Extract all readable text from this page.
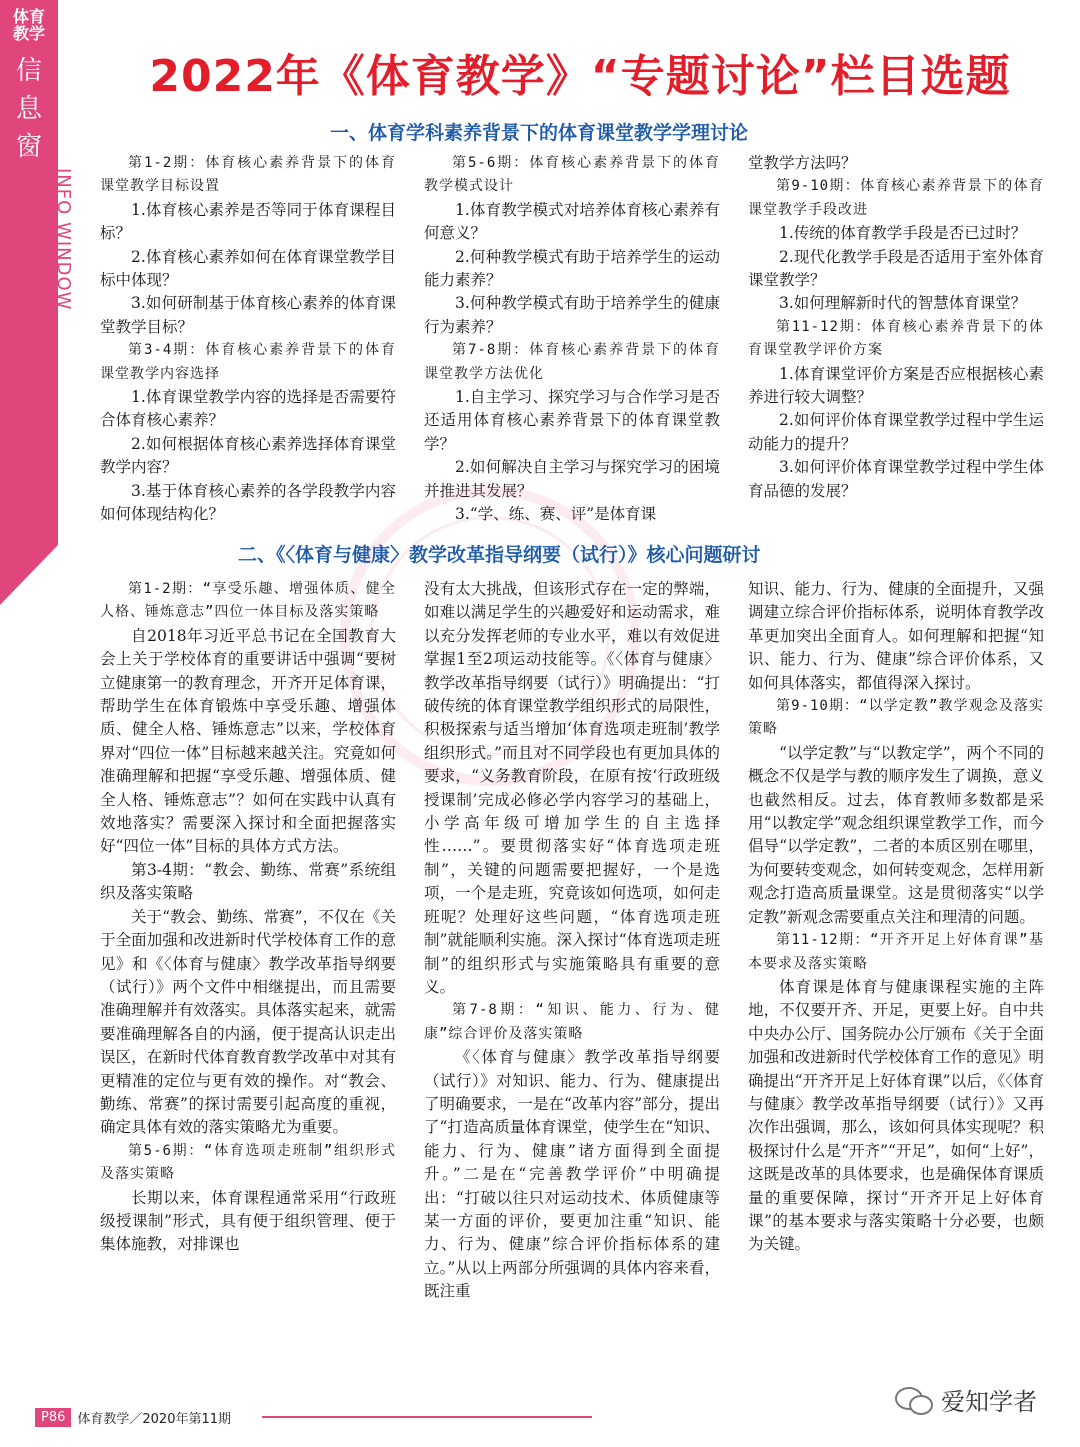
体育
教学
信
息
窗
INFO WINDOW
2022年《体育教学》“专题讨论”栏目选题
一、体育学科素养背景下的体育课堂教学学理讨论

第1-2期：体育核心素养背景下的体育课堂教学目标设置

1.体育核心素养是否等同于体育课程目标？

2.体育核心素养如何在体育课堂教学目标中体现？

3.如何研制基于体育核心素养的体育课堂教学目标？

第3-4期：体育核心素养背景下的体育课堂教学内容选择

1.体育课堂教学内容的选择是否需要符合体育核心素养？

2.如何根据体育核心素养选择体育课堂教学内容？

3.基于体育核心素养的各学段教学内容如何体现结构化？

第5-6期：体育核心素养背景下的体育教学模式设计

1.体育教学模式对培养体育核心素养有何意义？

2.何种教学模式有助于培养学生的运动能力素养？

3.何种教学模式有助于培养学生的健康行为素养？

第7-8期：体育核心素养背景下的体育课堂教学方法优化

1.自主学习、探究学习与合作学习是否还适用体育核心素养背景下的体育课堂教学？

2.如何解决自主学习与探究学习的困境并推进其发展？

3.“学、练、赛、评”是体育课

堂教学方法吗？

第9-10期：体育核心素养背景下的体育课堂教学手段改进

1.传统的体育教学手段是否已过时？

2.现代化教学手段是否适用于室外体育课堂教学？

3.如何理解新时代的智慧体育课堂？

第11-12期：体育核心素养背景下的体育课堂教学评价方案

1.体育课堂评价方案是否应根据核心素养进行较大调整？

2.如何评价体育课堂教学过程中学生运动能力的提升？

3.如何评价体育课堂教学过程中学生体育品德的发展？

二、《〈体育与健康〉教学改革指导纲要（试行）》核心问题研讨

第1-2期：“享受乐趣、增强体质、健全人格、锤炼意志”四位一体目标及落实策略

自2018年习近平总书记在全国教育大会上关于学校体育的重要讲话中强调“要树立健康第一的教育理念，开齐开足体育课，帮助学生在体育锻炼中享受乐趣、增强体质、健全人格、锤炼意志”以来，学校体育界对“四位一体”目标越来越关注。究竟如何准确理解和把握“享受乐趣、增强体质、健全人格、锤炼意志”？如何在实践中认真有效地落实？需要深入探讨和全面把握落实好“四位一体”目标的具体方式方法。

第3-4期：“教会、勤练、常赛”系统组织及落实策略

关于“教会、勤练、常赛”，不仅在《关于全面加强和改进新时代学校体育工作的意见》和《〈体育与健康〉教学改革指导纲要（试行）》两个文件中相继提出，而且需要准确理解并有效落实。具体落实起来，就需要准确理解各自的内涵，便于提高认识走出误区，在新时代体育教育教学改革中对其有更精准的定位与更有效的操作。对“教会、勤练、常赛”的探讨需要引起高度的重视，确定具体有效的落实策略尤为重要。

第5-6期：“体育选项走班制”组织形式及落实策略

长期以来，体育课程通常采用“行政班级授课制”形式，具有便于组织管理、便于集体施教，对排课也

没有太大挑战，但该形式存在一定的弊端，如难以满足学生的兴趣爱好和运动需求，难以充分发挥老师的专业水平，难以有效促进掌握1至2项运动技能等。《〈体育与健康〉教学改革指导纲要（试行）》明确提出：“打破传统的体育课堂教学组织形式的局限性，积极探索与适当增加‘体育选项走班制’教学组织形式。”而且对不同学段也有更加具体的要求，“义务教育阶段，在原有按‘行政班级授课制’完成必修必学内容学习的基础上，小学高年级可增加学生的自主选择性……”。要贯彻落实好“体育选项走班制”，关键的问题需要把握好，一个是选项，一个是走班，究竟该如何选项，如何走班呢？处理好这些问题，“体育选项走班制”就能顺利实施。深入探讨“体育选项走班制”的组织形式与实施策略具有重要的意义。

第7-8期：“知识、能力、行为、健康”综合评价及落实策略

《〈体育与健康〉教学改革指导纲要（试行）》对知识、能力、行为、健康提出了明确要求，一是在“改革内容”部分，提出了“打造高质量体育课堂，使学生在“知识、能力、行为、健康”诸方面得到全面提升。”二是在“完善教学评价”中明确提出：“打破以往只对运动技术、体质健康等某一方面的评价，要更加注重“知识、能力、行为、健康”综合评价指标体系的建立。”从以上两部分所强调的具体内容来看，既注重

知识、能力、行为、健康的全面提升，又强调建立综合评价指标体系，说明体育教学改革更加突出全面育人。如何理解和把握“知识、能力、行为、健康”综合评价体系，又如何具体落实，都值得深入探讨。

第9-10期：“以学定教”教学观念及落实策略

“以学定教”与“以教定学”，两个不同的概念不仅是学与教的顺序发生了调换，意义也截然相反。过去，体育教师多数都是采用“以教定学”观念组织课堂教学工作，而今倡导“以学定教”，二者的本质区别在哪里，为何要转变观念，如何转变观念，怎样用新观念打造高质量课堂。这是贯彻落实“以学定教”新观念需要重点关注和理清的问题。

第11-12期：“开齐开足上好体育课”基本要求及落实策略

体育课是体育与健康课程实施的主阵地，不仅要开齐、开足，更要上好。自中共中央办公厅、国务院办公厅颁布《关于全面加强和改进新时代学校体育工作的意见》明确提出“开齐开足上好体育课”以后，《〈体育与健康〉教学改革指导纲要（试行）》又再次作出强调，那么，该如何具体实现呢？积极探讨什么是“开齐”“开足”，如何“上好”，这既是改革的具体要求，也是确保体育课质量的重要保障，探讨“开齐开足上好体育课”的基本要求与落实策略十分必要，也颇为关键。

P86 体育教学／2020年第11期
爱知学者
